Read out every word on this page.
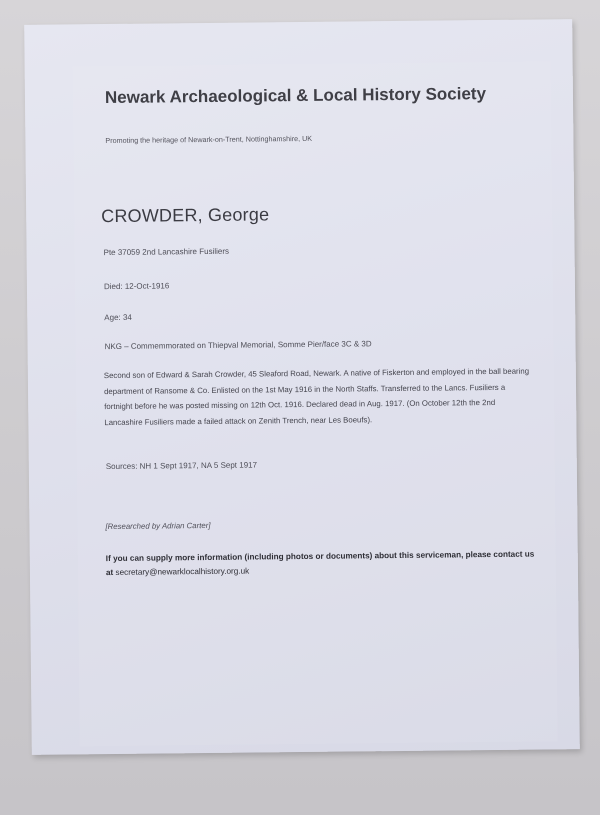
Newark Archaeological & Local History Society
Promoting the heritage of Newark-on-Trent, Nottinghamshire, UK
CROWDER, George
Pte 37059 2nd Lancashire Fusiliers
Died: 12-Oct-1916
Age: 34
NKG – Commemmorated on Thiepval Memorial, Somme Pier/face 3C & 3D
Second son of Edward & Sarah Crowder, 45 Sleaford Road, Newark. A native of Fiskerton and employed in the ball bearing department of Ransome & Co. Enlisted on the 1st May 1916 in the North Staffs. Transferred to the Lancs. Fusiliers a fortnight before he was posted missing on 12th Oct. 1916. Declared dead in Aug. 1917. (On October 12th the 2nd Lancashire Fusiliers made a failed attack on Zenith Trench, near Les Boeufs).
Sources: NH 1 Sept 1917, NA 5 Sept 1917
[Researched by Adrian Carter]
If you can supply more information (including photos or documents) about this serviceman, please contact us at secretary@newarklocalhistory.org.uk
